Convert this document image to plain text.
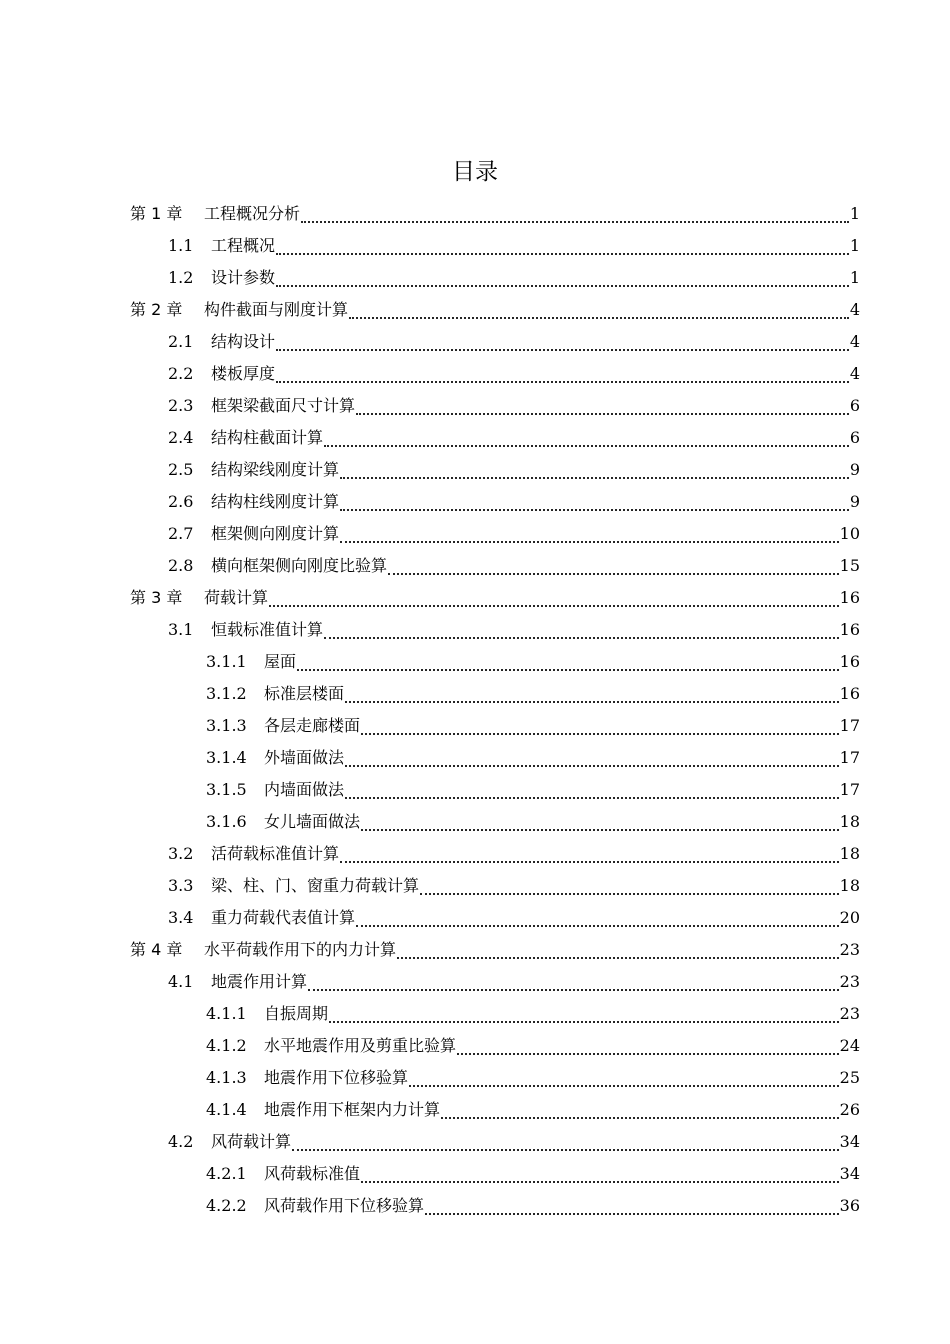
目录
第 1 章	工程概况分析	1
1.1	工程概况	1
1.2	设计参数	1
第 2 章	构件截面与刚度计算	4
2.1	结构设计	4
2.2	楼板厚度	4
2.3	框架梁截面尺寸计算	6
2.4	结构柱截面计算	6
2.5	结构梁线刚度计算	9
2.6	结构柱线刚度计算	9
2.7	框架侧向刚度计算	10
2.8	横向框架侧向刚度比验算	15
第 3 章	荷载计算	16
3.1	恒载标准值计算	16
3.1.1	屋面	16
3.1.2	标准层楼面	16
3.1.3	各层走廊楼面	17
3.1.4	外墙面做法	17
3.1.5	内墙面做法	17
3.1.6	女儿墙面做法	18
3.2	活荷载标准值计算	18
3.3	梁、柱、门、窗重力荷载计算	18
3.4	重力荷载代表值计算	20
第 4 章	水平荷载作用下的内力计算	23
4.1	地震作用计算	23
4.1.1	自振周期	23
4.1.2	水平地震作用及剪重比验算	24
4.1.3	地震作用下位移验算	25
4.1.4	地震作用下框架内力计算	26
4.2	风荷载计算	34
4.2.1	风荷载标准值	34
4.2.2	风荷载作用下位移验算	36
